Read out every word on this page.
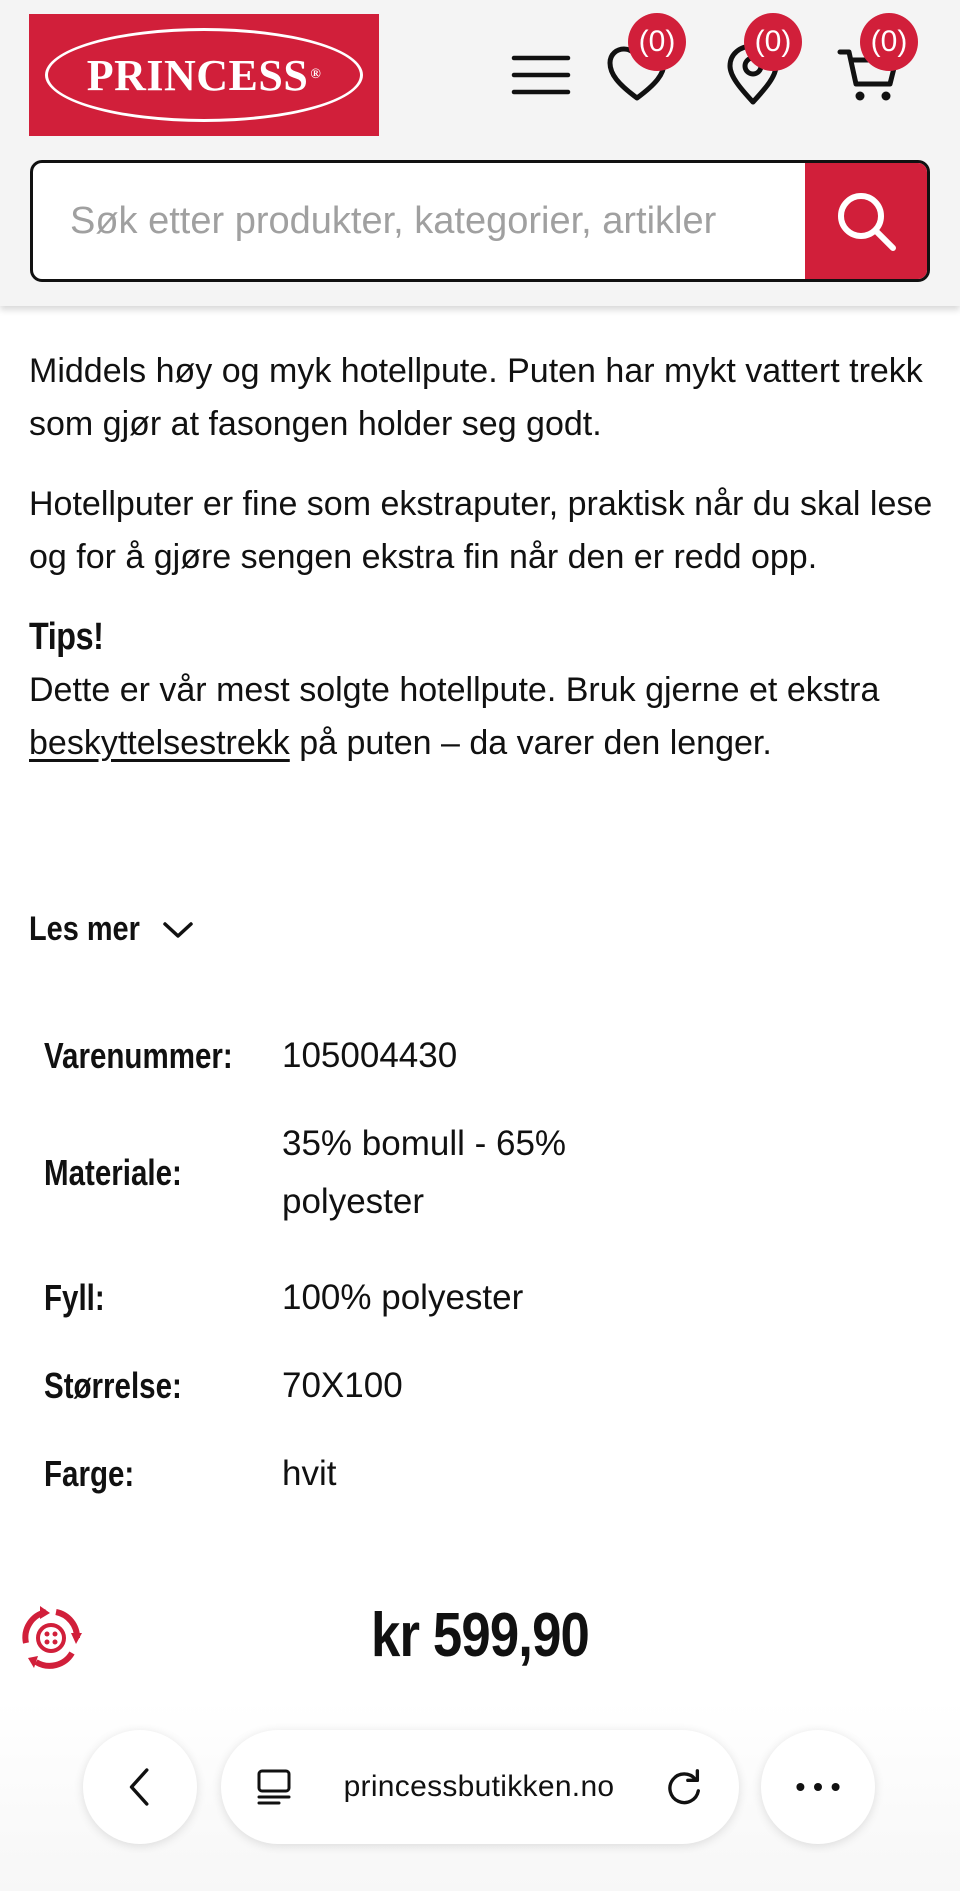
PRINCESS ®
(0)	(0)	(0)
Søk etter produkter, kategorier, artikler

Middels høy og myk hotellpute. Puten har mykt vattert trekk som gjør at fasongen holder seg godt.

Hotellputer er fine som ekstraputer, praktisk når du skal lese og for å gjøre sengen ekstra fin når den er redd opp.

Tips!

Dette er vår mest solgte hotellpute. Bruk gjerne et ekstra beskyttelsestrekk på puten – da varer den lenger.

Les mer
Varenummer: 105004430
Materiale:
35% bomull - 65% polyester
Fyll:	100% polyester
Størrelse:	70X100
Farge:	hvit
kr 599,90
princessbutikken.no
